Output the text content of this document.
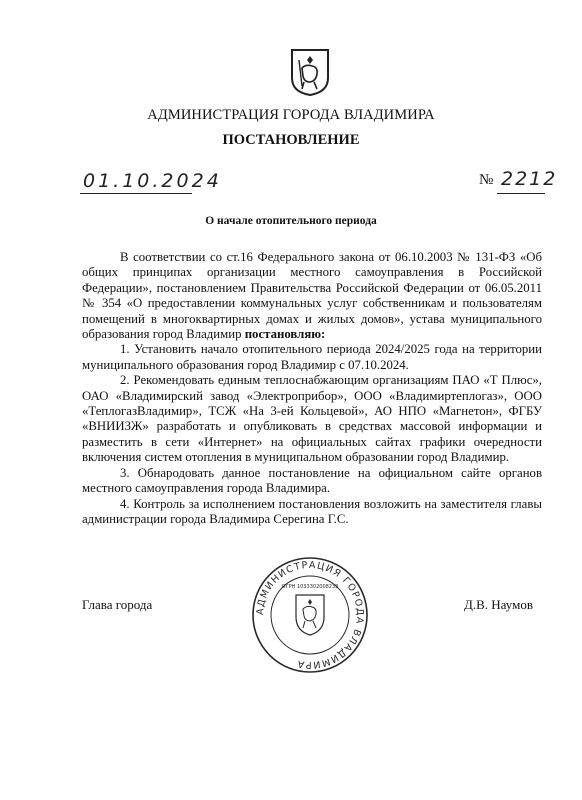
АДМИНИСТРАЦИЯ ГОРОДА ВЛАДИМИРА
ПОСТАНОВЛЕНИЕ
01.10.2024	№ 2212
О начале отопительного периода

В соответствии со ст.16 Федерального закона от 06.10.2003 № 131-ФЗ «Об общих принципах организации местного самоуправления в Российской Федерации», постановлением Правительства Российской Федерации от 06.05.2011 № 354 «О предоставлении коммунальных услуг собственникам и пользователям помещений в многоквартирных домах и жилых домов», устава муниципального образования город Владимир постановляю:

1. Установить начало отопительного периода 2024/2025 года на территории муниципального образования город Владимир с 07.10.2024.

2. Рекомендовать единым теплоснабжающим организациям ПАО «Т Плюс», ОАО «Владимирский завод «Электроприбор», ООО «Владимиртеплогаз», ООО «ТеплогазВладимир», ТСЖ «На 3-ей Кольцевой», АО НПО «Магнетон», ФГБУ «ВНИИЗЖ» разработать и опубликовать в средствах массовой информации и разместить в сети «Интернет» на официальных сайтах графики очередности включения систем отопления в муниципальном образовании город Владимир.

3. Обнародовать данное постановление на официальном сайте органов местного самоуправления города Владимира.

4. Контроль за исполнением постановления возложить на заместителя главы администрации города Владимира Серегина Г.С.

Глава города	Д.В. Наумов
АДМИНИСТРАЦИЯ ГОРОДА ВЛАДИМИРА
ОГРН 1033302008233
